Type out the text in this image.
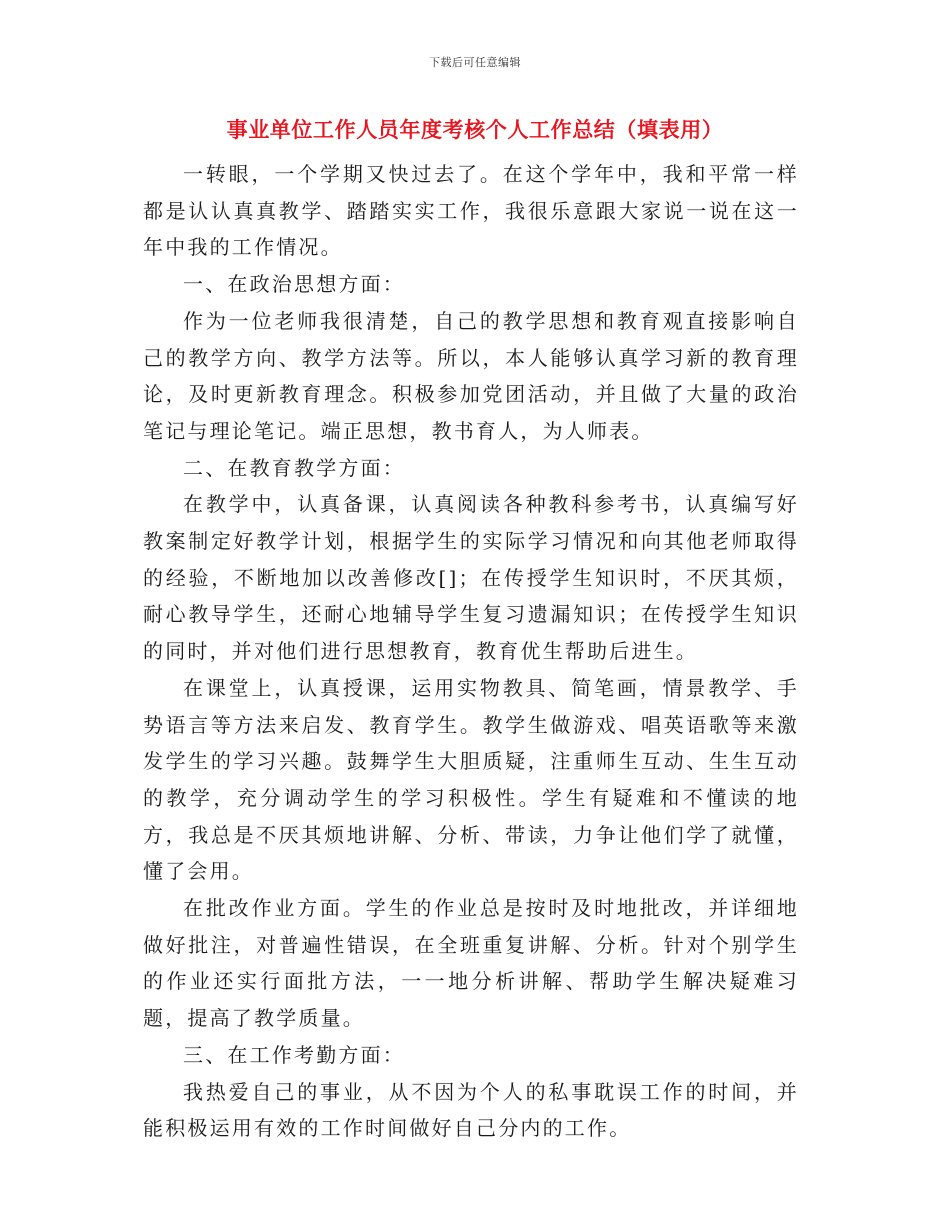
下载后可任意编辑
事业单位工作人员年度考核个人工作总结（填表用）

一转眼，一个学期又快过去了。在这个学年中，我和平常一样都是认认真真教学、踏踏实实工作，我很乐意跟大家说一说在这一年中我的工作情况。

一、在政治思想方面：

作为一位老师我很清楚，自己的教学思想和教育观直接影响自己的教学方向、教学方法等。所以，本人能够认真学习新的教育理论，及时更新教育理念。积极参加党团活动，并且做了大量的政治笔记与理论笔记。端正思想，教书育人，为人师表。

二、在教育教学方面：

在教学中，认真备课，认真阅读各种教科参考书，认真编写好教案制定好教学计划，根据学生的实际学习情况和向其他老师取得的经验，不断地加以改善修改[]；在传授学生知识时，不厌其烦，耐心教导学生，还耐心地辅导学生复习遗漏知识；在传授学生知识的同时，并对他们进行思想教育，教育优生帮助后进生。

在课堂上，认真授课，运用实物教具、简笔画，情景教学、手势语言等方法来启发、教育学生。教学生做游戏、唱英语歌等来激发学生的学习兴趣。鼓舞学生大胆质疑，注重师生互动、生生互动的教学，充分调动学生的学习积极性。学生有疑难和不懂读的地方，我总是不厌其烦地讲解、分析、带读，力争让他们学了就懂，懂了会用。

在批改作业方面。学生的作业总是按时及时地批改，并详细地做好批注，对普遍性错误，在全班重复讲解、分析。针对个别学生的作业还实行面批方法，一一地分析讲解、帮助学生解决疑难习题，提高了教学质量。

三、在工作考勤方面：

我热爱自己的事业，从不因为个人的私事耽误工作的时间，并能积极运用有效的工作时间做好自己分内的工作。
